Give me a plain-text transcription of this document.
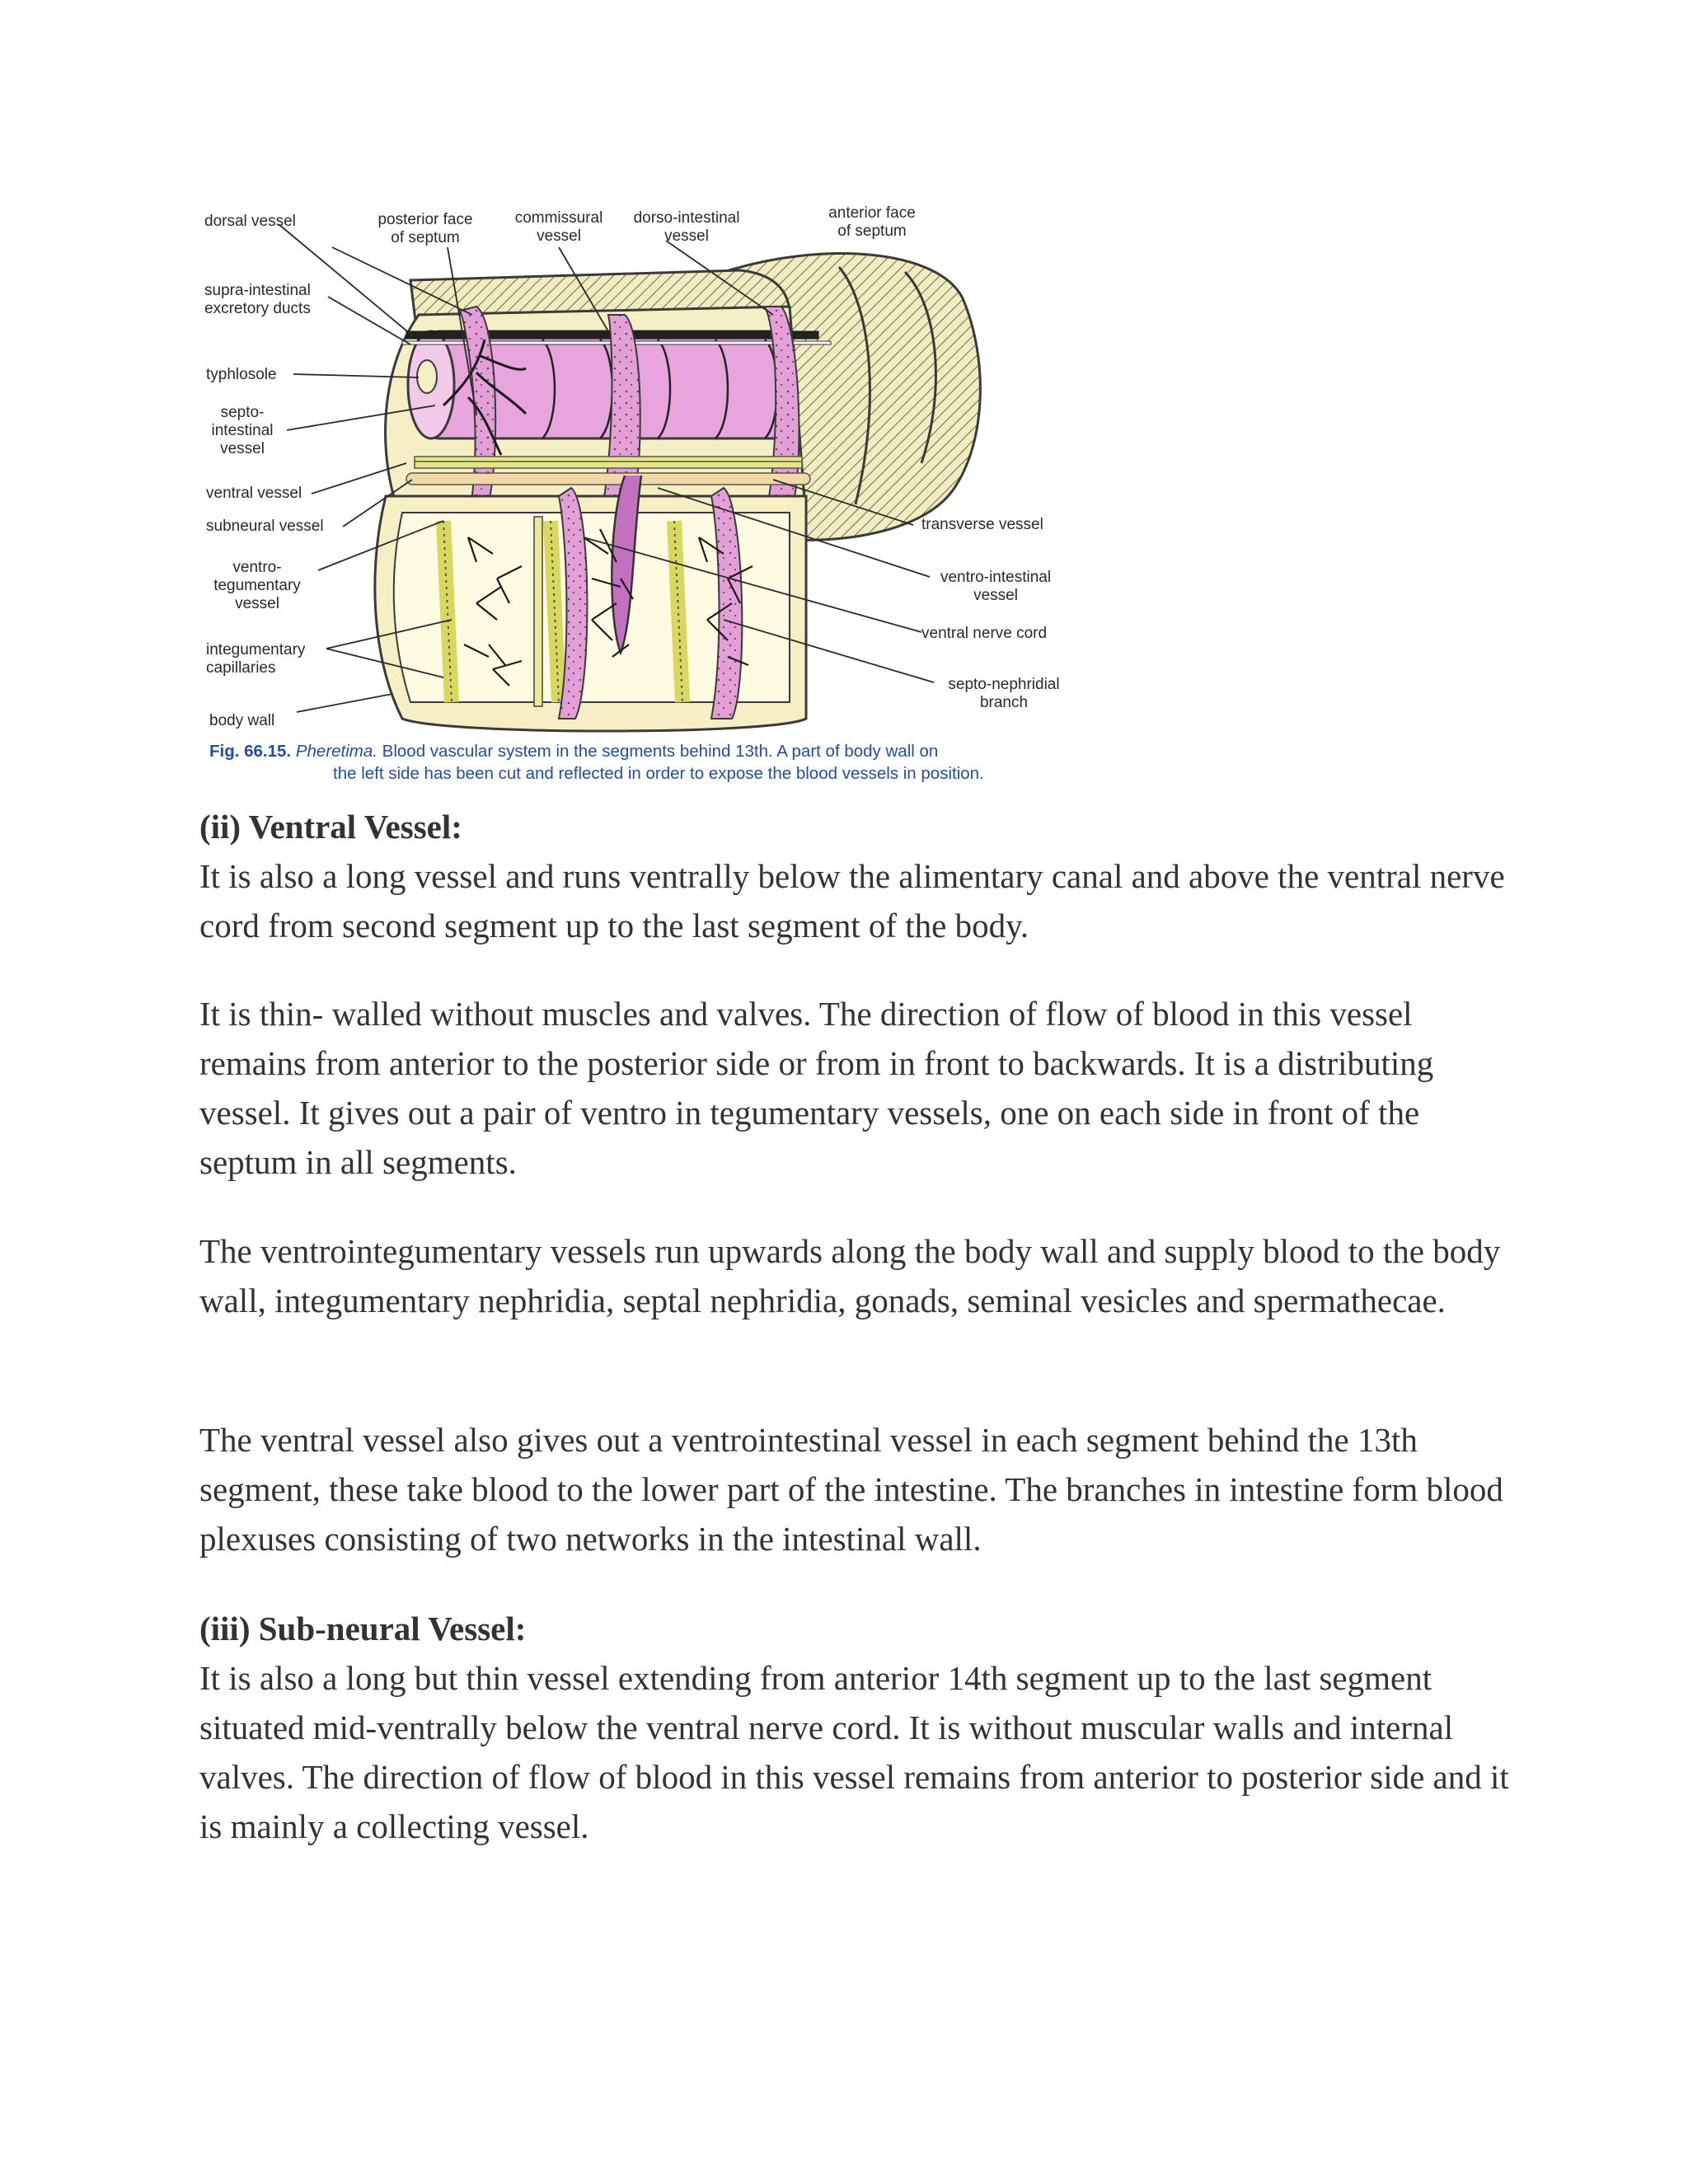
dorsal vessel	posterior face
of septum
commissural
vessel
dorso-intestinal
vessel
anterior face
of septum
supra-intestinal
excretory ducts
typhlosole
septo-
intestinal
vessel
ventral vessel
subneural vessel
ventro-
tegumentary
vessel
integumentary
capillaries
body wall
transverse vessel
ventro-intestinal
vessel
ventral nerve cord
septo-nephridial
branch
Fig. 66.15. Pheretima. Blood vascular system in the segments behind 13th. A part of body wall on
the left side has been cut and reflected in order to expose the blood vessels in position.

(ii) Ventral Vessel:

It is also a long vessel and runs ventrally below the alimentary canal and above the ventral nerve cord from second segment up to the last segment of the body.

It is thin- walled without muscles and valves. The direction of flow of blood in this vessel remains from anterior to the posterior side or from in front to backwards. It is a distributing vessel. It gives out a pair of ventro in tegumentary vessels, one on each side in front of the septum in all segments.

The ventrointegumentary vessels run upwards along the body wall and supply blood to the body wall, integumentary nephridia, septal nephridia, gonads, seminal vesicles and spermathecae.

The ventral vessel also gives out a ventrointestinal vessel in each segment behind the 13th segment, these take blood to the lower part of the intestine. The branches in intestine form blood plexuses consisting of two networks in the intestinal wall.

(iii) Sub-neural Vessel:

It is also a long but thin vessel extending from anterior 14th segment up to the last segment situated mid-ventrally below the ventral nerve cord. It is without muscular walls and internal valves. The direction of flow of blood in this vessel remains from anterior to posterior side and it is mainly a collecting vessel.
